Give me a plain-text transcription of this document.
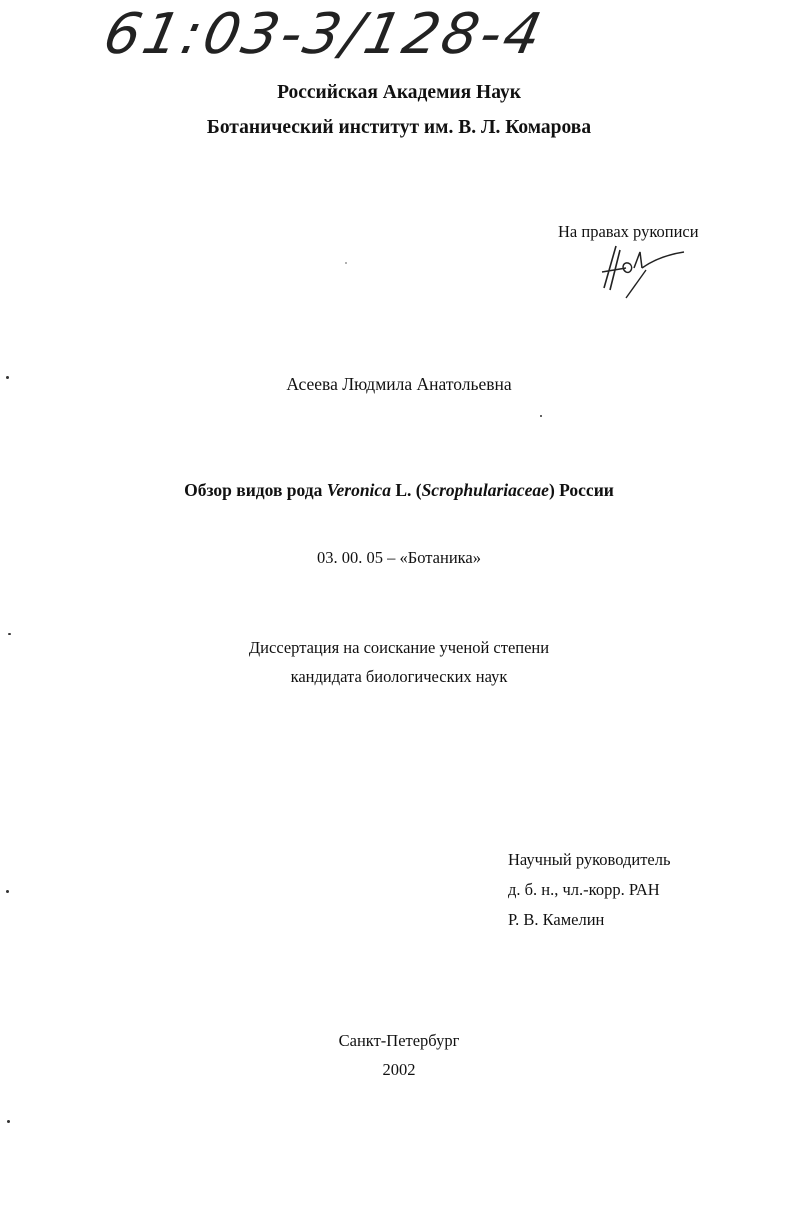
61:03-3/128-4
Российская Академия Наук
Ботанический институт им. В. Л. Комарова
На правах рукописи
Асеева Людмила Анатольевна
Обзор видов рода Veronica L. (Scrophulariaceae) России
03. 00. 05 – «Ботаника»
Диссертация на соискание ученой степени
кандидата биологических наук
Научный руководитель
д. б. н., чл.-корр. РАН
Р. В. Камелин
Санкт-Петербург
2002
